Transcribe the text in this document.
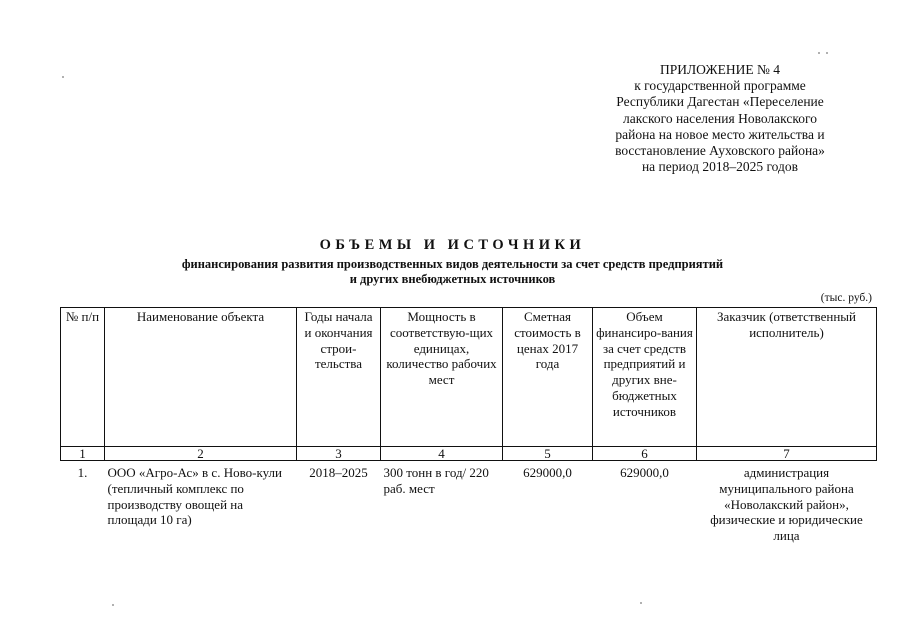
ПРИЛОЖЕНИЕ № 4
к государственной программе
Республики Дагестан «Переселение
лакского населения Новолакского
района на новое место жительства и
восстановление Ауховского района»
на период 2018–2025 годов
ОБЪЕМЫ И ИСТОЧНИКИ
финансирования развития производственных видов деятельности за счет средств предприятий
и других внебюджетных источников
(тыс. руб.)
№ п/п	Наименование объекта	Годы начала и окончания строи-тельства	Мощность в соответствую-щих единицах, количество рабочих мест	Сметная стоимость в ценах 2017 года	Объем финансиро-вания за счет средств предприятий и других вне-бюджетных источников	Заказчик (ответственный исполнитель)
1	2	3	4	5	6	7
1.	ООО «Агро-Ас» в с. Ново-кули (тепличный комплекс по производству овощей на площади 10 га)	2018–2025	300 тонн в год/ 220 раб. мест	629000,0	629000,0	администрация муниципального района «Новолакский район», физические и юридические лица
